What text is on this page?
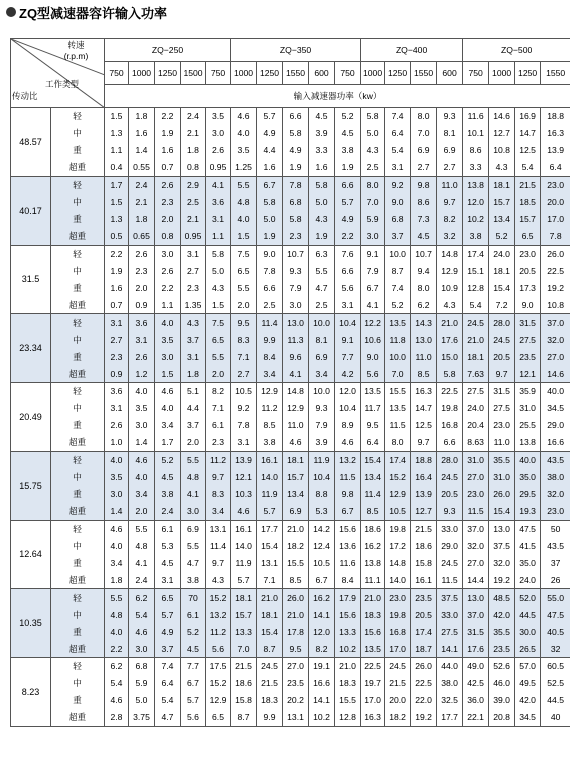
ZQ型减速器容许输入功率
转速
(r.p.m)
工作类型
传动比		ZQ−250					ZQ−350					ZQ−400				ZQ−500			
		750	1000	1250	1500	750	1000	1250	1550	600	750	1000	1250	1550	600	750	1000	1250	1550
		输入减速器功率（kw）																	
48.57	轻	1.5	1.8	2.2	2.4	3.5	4.6	5.7	6.6	4.5	5.2	5.8	7.4	8.0	9.3	11.6	14.6	16.9	18.8
	中	1.3	1.6	1.9	2.1	3.0	4.0	4.9	5.8	3.9	4.5	5.0	6.4	7.0	8.1	10.1	12.7	14.7	16.3
	重	1.1	1.4	1.6	1.8	2.6	3.5	4.4	4.9	3.3	3.8	4.3	5.4	6.9	6.9	8.6	10.8	12.5	13.9
	超重	0.4	0.55	0.7	0.8	0.95	1.25	1.6	1.9	1.6	1.9	2.5	3.1	2.7	2.7	3.3	4.3	5.4	6.4
40.17	轻	1.7	2.4	2.6	2.9	4.1	5.5	6.7	7.8	5.8	6.6	8.0	9.2	9.8	11.0	13.8	18.1	21.5	23.0
	中	1.5	2.1	2.3	2.5	3.6	4.8	5.8	6.8	5.0	5.7	7.0	9.0	8.6	9.7	12.0	15.7	18.5	20.0
	重	1.3	1.8	2.0	2.1	3.1	4.0	5.0	5.8	4.3	4.9	5.9	6.8	7.3	8.2	10.2	13.4	15.7	17.0
	超重	0.5	0.65	0.8	0.95	1.1	1.5	1.9	2.3	1.9	2.2	3.0	3.7	4.5	3.2	3.8	5.2	6.5	7.8
31.5	轻	2.2	2.6	3.0	3.1	5.8	7.5	9.0	10.7	6.3	7.6	9.1	10.0	10.7	14.8	17.4	24.0	23.0	26.0
	中	1.9	2.3	2.6	2.7	5.0	6.5	7.8	9.3	5.5	6.6	7.9	8.7	9.4	12.9	15.1	18.1	20.5	22.5
	重	1.6	2.0	2.2	2.3	4.3	5.5	6.6	7.9	4.7	5.6	6.7	7.4	8.0	10.9	12.8	15.4	17.3	19.2
	超重	0.7	0.9	1.1	1.35	1.5	2.0	2.5	3.0	2.5	3.1	4.1	5.2	6.2	4.3	5.4	7.2	9.0	10.8
23.34	轻	3.1	3.6	4.0	4.3	7.5	9.5	11.4	13.0	10.0	10.4	12.2	13.5	14.3	21.0	24.5	28.0	31.5	37.0
	中	2.7	3.1	3.5	3.7	6.5	8.3	9.9	11.3	8.1	9.1	10.6	11.8	13.0	17.6	21.0	24.5	27.5	32.0
	重	2.3	2.6	3.0	3.1	5.5	7.1	8.4	9.6	6.9	7.7	9.0	10.0	11.0	15.0	18.1	20.5	23.5	27.0
	超重	0.9	1.2	1.5	1.8	2.0	2.7	3.4	4.1	3.4	4.2	5.6	7.0	8.5	5.8	7.63	9.7	12.1	14.6
20.49	轻	3.6	4.0	4.6	5.1	8.2	10.5	12.9	14.8	10.0	12.0	13.5	15.5	16.3	22.5	27.5	31.5	35.9	40.0
	中	3.1	3.5	4.0	4.4	7.1	9.2	11.2	12.9	9.3	10.4	11.7	13.5	14.7	19.8	24.0	27.5	31.0	34.5
	重	2.6	3.0	3.4	3.7	6.1	7.8	8.5	11.0	7.9	8.9	9.5	11.5	12.5	16.8	20.4	23.0	25.5	29.0
	超重	1.0	1.4	1.7	2.0	2.3	3.1	3.8	4.6	3.9	4.6	6.4	8.0	9.7	6.6	8.63	11.0	13.8	16.6
15.75	轻	4.0	4.6	5.2	5.5	11.2	13.9	16.1	18.1	11.9	13.2	15.4	17.4	18.8	28.0	31.0	35.5	40.0	43.5
	中	3.5	4.0	4.5	4.8	9.7	12.1	14.0	15.7	10.4	11.5	13.4	15.2	16.4	24.5	27.0	31.0	35.0	38.0
	重	3.0	3.4	3.8	4.1	8.3	10.3	11.9	13.4	8.8	9.8	11.4	12.9	13.9	20.5	23.0	26.0	29.5	32.0
	超重	1.4	2.0	2.4	3.0	3.4	4.6	5.7	6.9	5.3	6.7	8.5	10.5	12.7	9.3	11.5	15.4	19.3	23.0
12.64	轻	4.6	5.5	6.1	6.9	13.1	16.1	17.7	21.0	14.2	15.6	18.6	19.8	21.5	33.0	37.0	13.0	47.5	50
	中	4.0	4.8	5.3	5.5	11.4	14.0	15.4	18.2	12.4	13.6	16.2	17.2	18.6	29.0	32.0	37.5	41.5	43.5
	重	3.4	4.1	4.5	4.7	9.7	11.9	13.1	15.5	10.5	11.6	13.8	14.8	15.8	24.5	27.0	32.0	35.0	37
	超重	1.8	2.4	3.1	3.8	4.3	5.7	7.1	8.5	6.7	8.4	11.1	14.0	16.1	11.5	14.4	19.2	24.0	26
10.35	轻	5.5	6.2	6.5	70	15.2	18.1	21.0	26.0	16.2	17.9	21.0	23.0	23.5	37.5	13.0	48.5	52.0	55.0
	中	4.8	5.4	5.7	6.1	13.2	15.7	18.1	21.0	14.1	15.6	18.3	19.8	20.5	33.0	37.0	42.0	44.5	47.5
	重	4.0	4.6	4.9	5.2	11.2	13.3	15.4	17.8	12.0	13.3	15.6	16.8	17.4	27.5	31.5	35.5	30.0	40.5
	超重	2.2	3.0	3.7	4.5	5.6	7.0	8.7	9.5	8.2	10.2	13.5	17.0	18.7	14.1	17.6	23.5	26.5	32
8.23	轻	6.2	6.8	7.4	7.7	17.5	21.5	24.5	27.0	19.1	21.0	22.5	24.5	26.0	44.0	49.0	52.6	57.0	60.5
	中	5.4	5.9	6.4	6.7	15.2	18.6	21.5	23.5	16.6	18.3	19.7	21.5	22.5	38.0	42.5	46.0	49.5	52.5
	重	4.6	5.0	5.4	5.7	12.9	15.8	18.3	20.2	14.1	15.5	17.0	20.0	22.0	32.5	36.0	39.0	42.0	44.5
	超重	2.8	3.75	4.7	5.6	6.5	8.7	9.9	13.1	10.2	12.8	16.3	18.2	19.2	17.7	22.1	20.8	34.5	40
